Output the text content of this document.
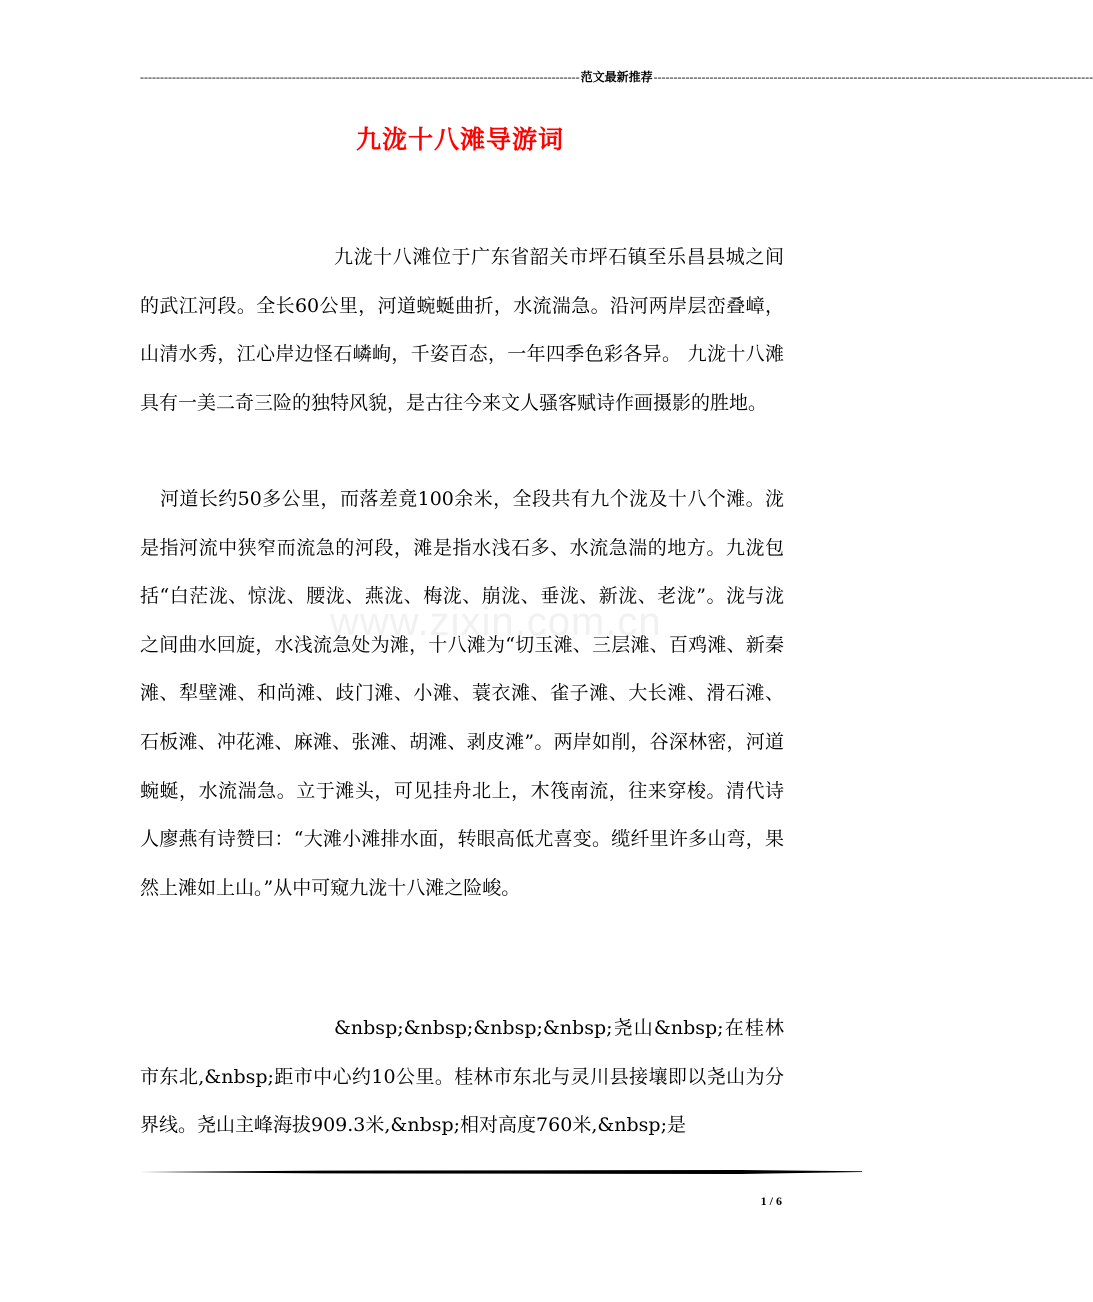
-------------------------------------------------------------------------------------------------------------- 范文最新推荐 --------------------------------------------------------------------------------------------------------------
九泷十八滩导游词
www.zixin.com.cn

九泷十八滩位于广东省韶关市坪石镇至乐昌县城之间的武江河段。全长60公里，河道蜿蜒曲折，水流湍急。沿河两岸层峦叠嶂，山清水秀，江心岸边怪石嶙峋，千姿百态，一年四季色彩各异。 九泷十八滩具有一美二奇三险的独特风貌，是古往今来文人骚客赋诗作画摄影的胜地。

河道长约50多公里，而落差竟100余米，全段共有九个泷及十八个滩。泷是指河流中狭窄而流急的河段，滩是指水浅石多、水流急湍的地方。九泷包括“白茫泷、惊泷、腰泷、燕泷、梅泷、崩泷、垂泷、新泷、老泷”。泷与泷之间曲水回旋，水浅流急处为滩，十八滩为“切玉滩、三层滩、百鸡滩、新秦滩、犁壁滩、和尚滩、歧门滩、小滩、蓑衣滩、雀子滩、大长滩、滑石滩、石板滩、冲花滩、麻滩、张滩、胡滩、剥皮滩”。两岸如削，谷深林密，河道蜿蜒，水流湍急。立于滩头，可见挂舟北上，木筏南流，往来穿梭。清代诗人廖燕有诗赞曰：“大滩小滩排水面，转眼高低尤喜变。缆纤里许多山弯，果然上滩如上山。”从中可窥九泷十八滩之险峻。

&nbsp;&nbsp;&nbsp;&nbsp;尧山&nbsp;在桂林市东北,&nbsp;距市中心约10公里。桂林市东北与灵川县接壤即以尧山为分界线。尧山主峰海拔909.3米,&nbsp;相对高度760米,&nbsp;是

1 / 6
